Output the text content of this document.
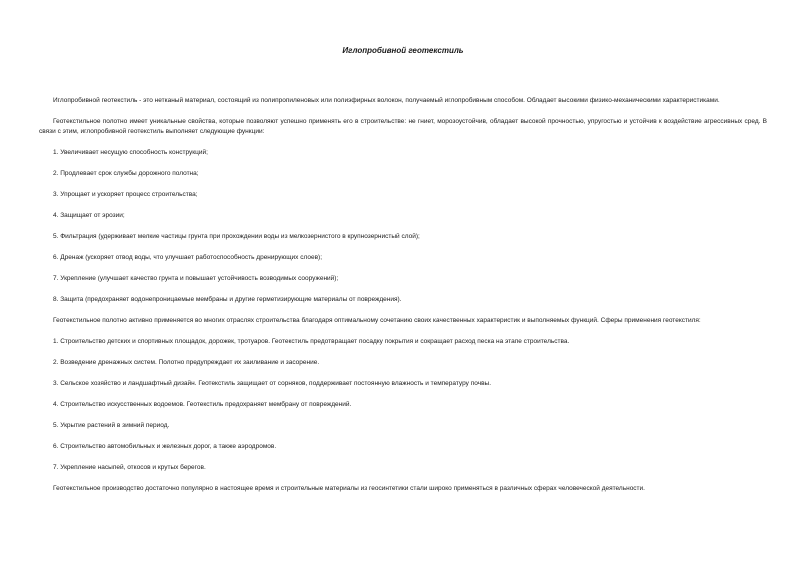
Иглопробивной геотекстиль

Иглопробивной геотекстиль - это нетканый материал, состоящий из полипропиленовых или полиэфирных волокон, получаемый иглопробивным способом. Обладает высокими физико-механическими характеристиками.

Геотекстильное полотно имеет уникальные свойства, которые позволяют успешно применять его в строительстве: не гниет, морозоустойчив, обладает высокой прочностью, упругостью и устойчив к воздействие агрессивных сред. В связи с этим, иглопробивной геотекстиль выполняет следующие функции:

1. Увеличивает несущую способность конструкций;

2. Продлевает срок службы дорожного полотна;

3. Упрощает и ускоряет процесс строительства;

4. Защищает от эрозии;

5. Фильтрация (удерживает мелкие частицы грунта при прохождении воды из мелкозернистого в крупнозернистый слой);

6. Дренаж (ускоряет отвод воды, что улучшает работоспособность дренирующих слоев);

7. Укрепление (улучшает качество грунта и повышает устойчивость возводимых сооружений);

8. Защита (предохраняет водонепроницаемые мембраны и другие герметизирующие материалы от повреждения).

Геотекстильное полотно активно применяется во многих отраслях строительства благодаря оптимальному сочетанию своих качественных характеристик и выполняемых функций. Сферы применения геотекстиля:

1. Строительство детских и спортивных площадок, дорожек, тротуаров. Геотекстиль предотвращает посадку покрытия и сокращает расход песка на этапе строительства.

2. Возведение дренажных систем. Полотно предупреждает их заиливание и засорение.

3. Сельское хозяйство и ландшафтный дизайн. Геотекстиль защищает от сорняков, поддерживает постоянную влажность и температуру почвы.

4. Строительство искусственных водоемов. Геотекстиль предохраняет мембрану от повреждений.

5. Укрытие растений в зимний период.

6. Строительство автомобильных и железных дорог, а также аэродромов.

7. Укрепление насыпей, откосов и крутых берегов.

Геотекстильное производство достаточно популярно в настоящее время и строительные материалы из геосинтетики стали широко применяться в различных сферах человеческой деятельности.
